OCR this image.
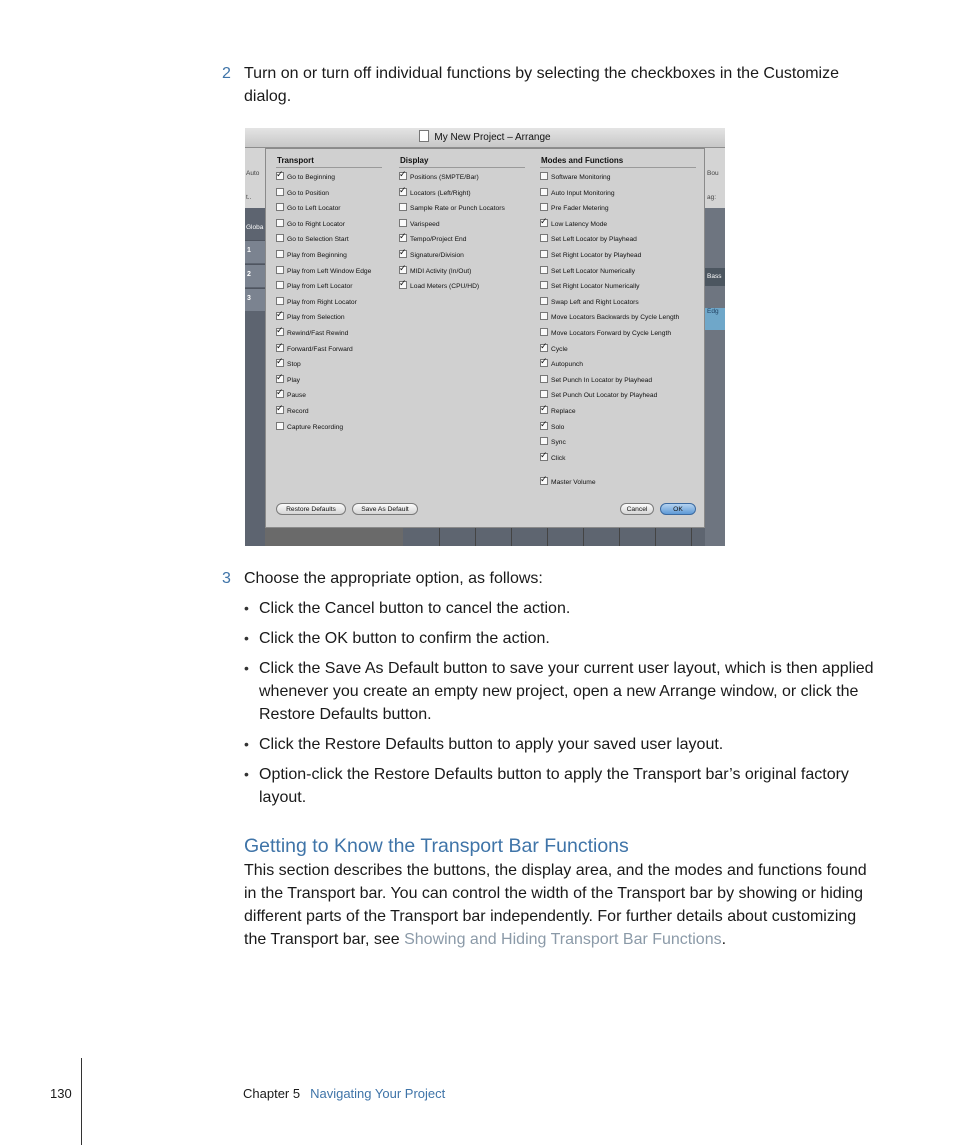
2 Turn on or turn off individual functions by selecting the checkboxes in the Customize
dialog.
My New Project – Arrange
Auto
t..
Globa
1
2
3
Bou
ag:
Bass
Edg
Transport	Display	Modes and Functions
✓Go to Beginning
Go to Position
Go to Left Locator
Go to Right Locator
Go to Selection Start
Play from Beginning
Play from Left Window Edge
Play from Left Locator
Play from Right Locator
✓Play from Selection
✓Rewind/Fast Rewind
✓Forward/Fast Forward
✓Stop
✓Play
✓Pause
✓Record
Capture Recording
✓Positions (SMPTE/Bar)
✓Locators (Left/Right)
Sample Rate or Punch Locators
Varispeed
✓Tempo/Project End
✓Signature/Division
✓MIDI Activity (In/Out)
✓Load Meters (CPU/HD)
Software Monitoring
Auto Input Monitoring
Pre Fader Metering
✓Low Latency Mode
Set Left Locator by Playhead
Set Right Locator by Playhead
Set Left Locator Numerically
Set Right Locator Numerically
Swap Left and Right Locators
Move Locators Backwards by Cycle Length
Move Locators Forward by Cycle Length
✓Cycle
✓Autopunch
Set Punch In Locator by Playhead
Set Punch Out Locator by Playhead
✓Replace
✓Solo
Sync
✓Click
✓Master Volume
Restore Defaults	Save As Default	Cancel	OK
3 Choose the appropriate option, as follows:
• Click the Cancel button to cancel the action.
• Click the OK button to confirm the action.
• Click the Save As Default button to save your current user layout, which is then applied
whenever you create an empty new project, open a new Arrange window, or click the
Restore Defaults button.
• Click the Restore Defaults button to apply your saved user layout.
• Option-click the Restore Defaults button to apply the Transport bar’s original factory
layout.
Getting to Know the Transport Bar Functions
This section describes the buttons, the display area, and the modes and functions found
in the Transport bar. You can control the width of the Transport bar by showing or hiding
different parts of the Transport bar independently. For further details about customizing
the Transport bar, see Showing and Hiding Transport Bar Functions.
130	Chapter 5 Navigating Your Project
